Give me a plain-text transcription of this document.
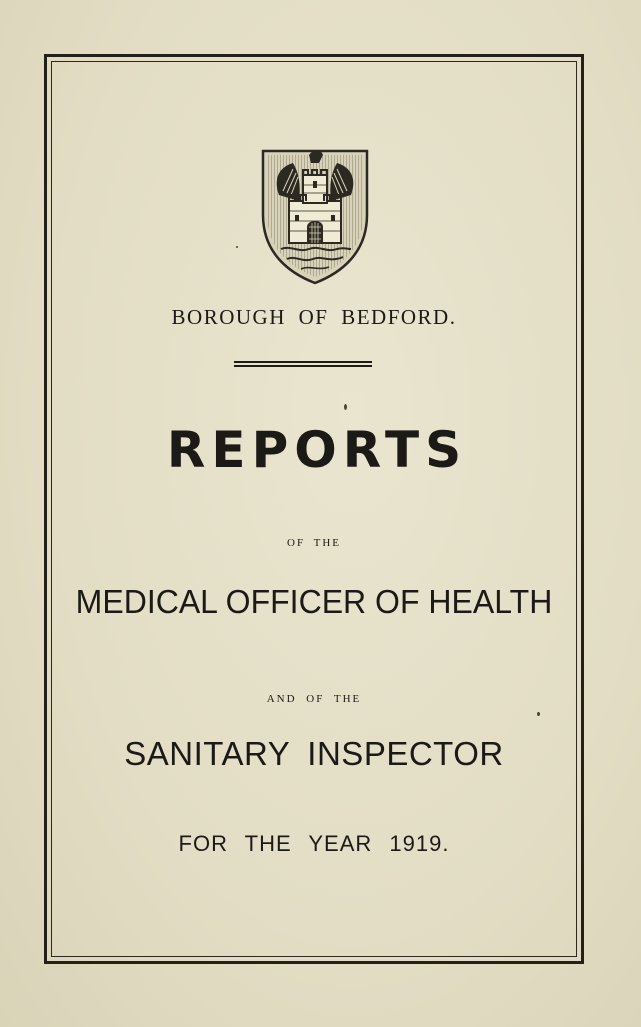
BOROUGH OF BEDFORD.
REPORTS
OF THE
MEDICAL OFFICER OF HEALTH
AND OF THE
SANITARY INSPECTOR
FOR THE YEAR 1919.
